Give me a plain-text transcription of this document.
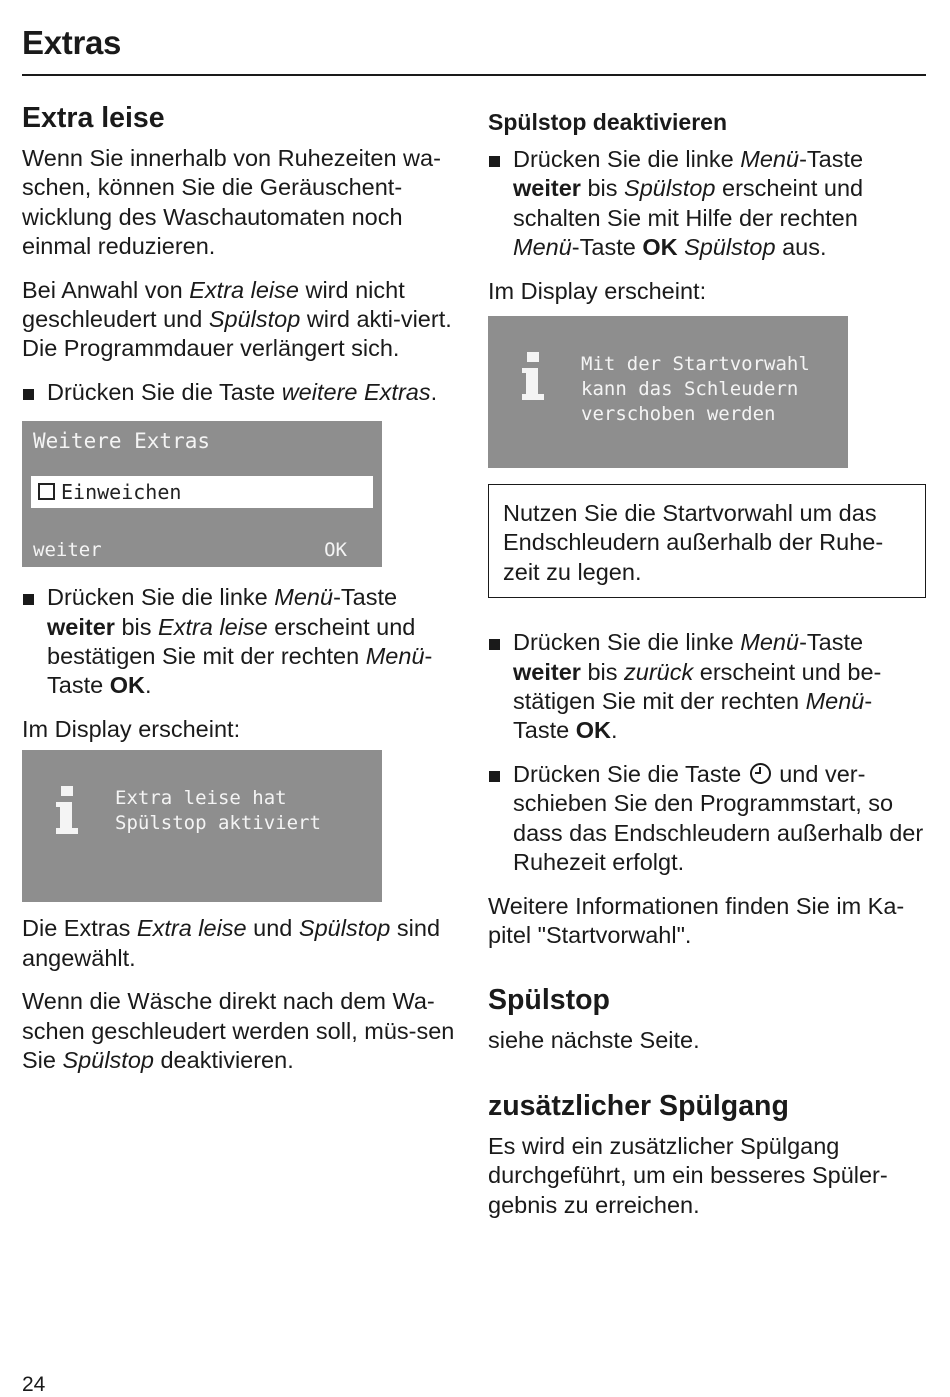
Extras
Extra leise

Wenn Sie innerhalb von Ruhezeiten wa-schen, können Sie die Geräuschent-wicklung des Waschautomaten noch einmal reduzieren.

Bei Anwahl von Extra leise wird nicht geschleudert und Spülstop wird akti-viert. Die Programmdauer verlängert sich.

Drücken Sie die Taste weitere Extras.
Weitere Extras
Einweichen
weiter	OK
Drücken Sie die linke Menü-Taste weiter bis Extra leise erscheint und bestätigen Sie mit der rechten Menü-Taste OK.

Im Display erscheint:

Extra leise hat
Spülstop aktiviert

Die Extras Extra leise und Spülstop sind angewählt.

Wenn die Wäsche direkt nach dem Wa-schen geschleudert werden soll, müs-sen Sie Spülstop deaktivieren.

Spülstop deaktivieren
Drücken Sie die linke Menü-Taste weiter bis Spülstop erscheint und schalten Sie mit Hilfe der rechten Menü-Taste OK Spülstop aus.

Im Display erscheint:

Mit der Startvorwahl
kann das Schleudern
verschoben werden
Nutzen Sie die Startvorwahl um das Endschleudern außerhalb der Ruhe-zeit zu legen.
Drücken Sie die linke Menü-Taste weiter bis zurück erscheint und be-stätigen Sie mit der rechten Menü-Taste OK.
Drücken Sie die Taste  und ver-schieben Sie den Programmstart, so dass das Endschleudern außerhalb der Ruhezeit erfolgt.

Weitere Informationen finden Sie im Ka-pitel "Startvorwahl".

Spülstop

siehe nächste Seite.

zusätzlicher Spülgang

Es wird ein zusätzlicher Spülgang durchgeführt, um ein besseres Spüler-gebnis zu erreichen.

24
